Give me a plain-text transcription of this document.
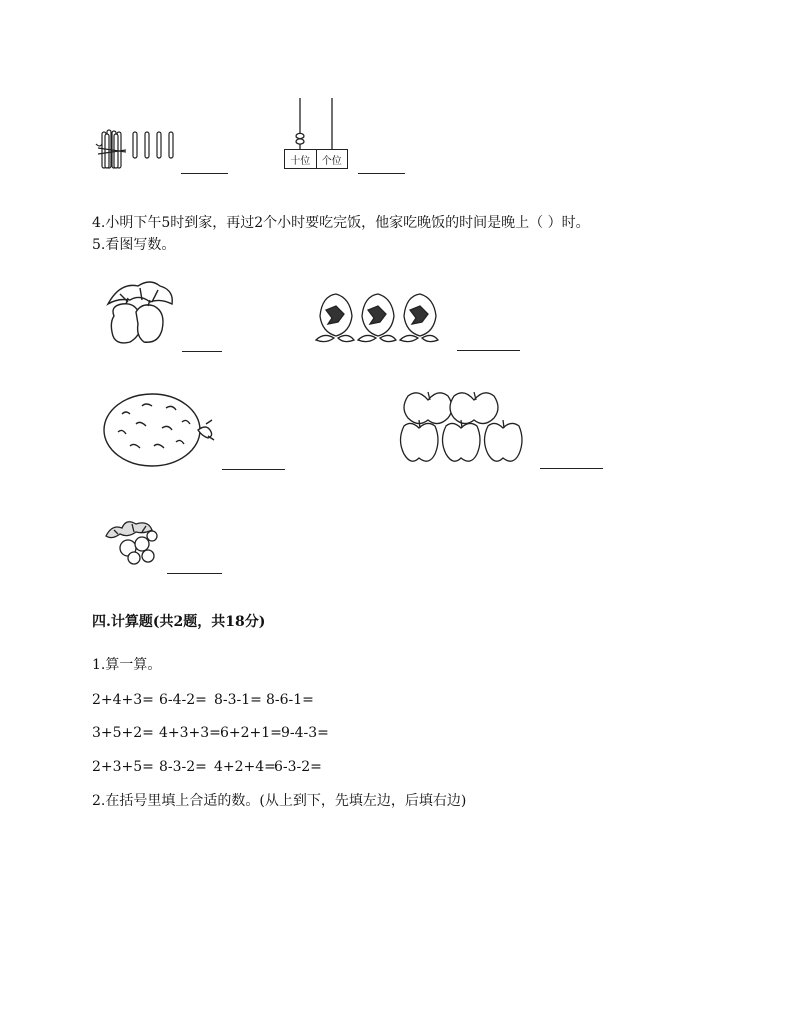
十位	个位
4.小明下午5时到家，再过2个小时要吃完饭，他家吃晚饭的时间是晚上（ ）时。
5.看图写数。
四.计算题(共2题，共18分)
1.算一算。
2+4+3= 6-4-2= 8-3-1= 8-6-1=
3+5+2= 4+3+3= 6+2+1= 9-4-3=
2+3+5= 8-3-2= 4+2+4=
6-3-2=
2.在括号里填上合适的数。(从上到下，先填左边，后填右边)
